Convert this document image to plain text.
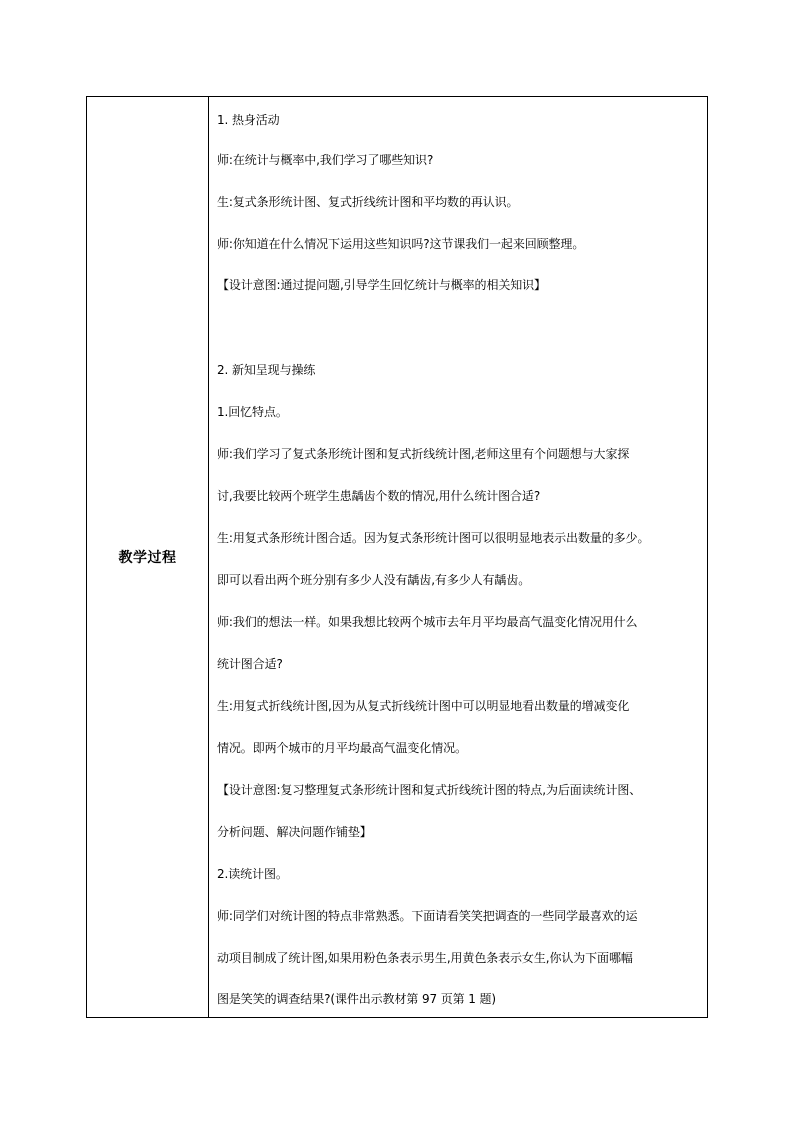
教学过程
1. 热身活动
师:在统计与概率中,我们学习了哪些知识?
生:复式条形统计图、复式折线统计图和平均数的再认识。
师:你知道在什么情况下运用这些知识吗?这节课我们一起来回顾整理。
【设计意图:通过提问题,引导学生回忆统计与概率的相关知识】
2. 新知呈现与操练
1.回忆特点。
师:我们学习了复式条形统计图和复式折线统计图,老师这里有个问题想与大家探
讨,我要比较两个班学生患龋齿个数的情况,用什么统计图合适?
生:用复式条形统计图合适。因为复式条形统计图可以很明显地表示出数量的多少。
即可以看出两个班分别有多少人没有龋齿,有多少人有龋齿。
师:我们的想法一样。如果我想比较两个城市去年月平均最高气温变化情况用什么
统计图合适?
生:用复式折线统计图,因为从复式折线统计图中可以明显地看出数量的增减变化
情况。即两个城市的月平均最高气温变化情况。
【设计意图:复习整理复式条形统计图和复式折线统计图的特点,为后面读统计图、
分析问题、解决问题作铺垫】
2.读统计图。
师:同学们对统计图的特点非常熟悉。下面请看笑笑把调查的一些同学最喜欢的运
动项目制成了统计图,如果用粉色条表示男生,用黄色条表示女生,你认为下面哪幅
图是笑笑的调查结果?(课件出示教材第 97 页第 1 题)
